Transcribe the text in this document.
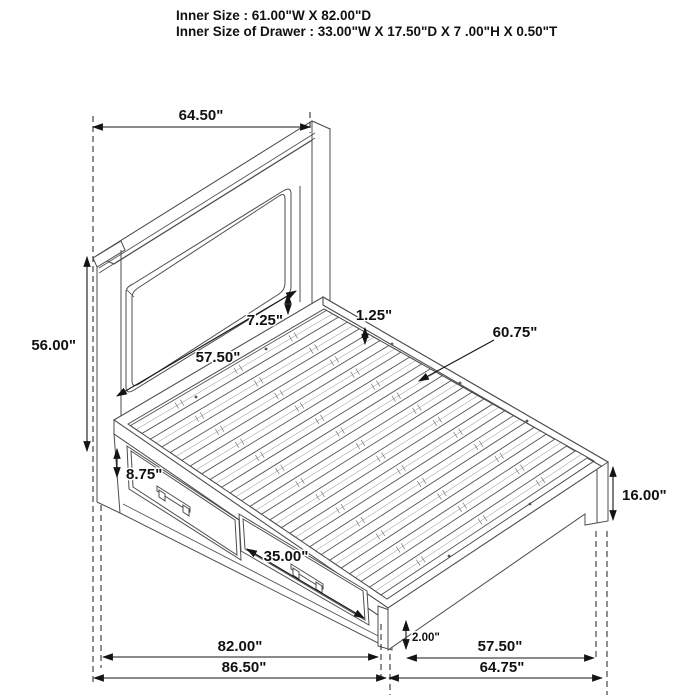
Inner Size : 61.00"W X 82.00"D
Inner Size of Drawer : 33.00"W X 17.50"D X 7 .00"H X 0.50"T
64.50"
56.00"
7.25"
57.50"
1.25"
60.75"
16.00"
8.75"
35.00"
82.00"
86.50"
2.00"	57.50"
64.75"
